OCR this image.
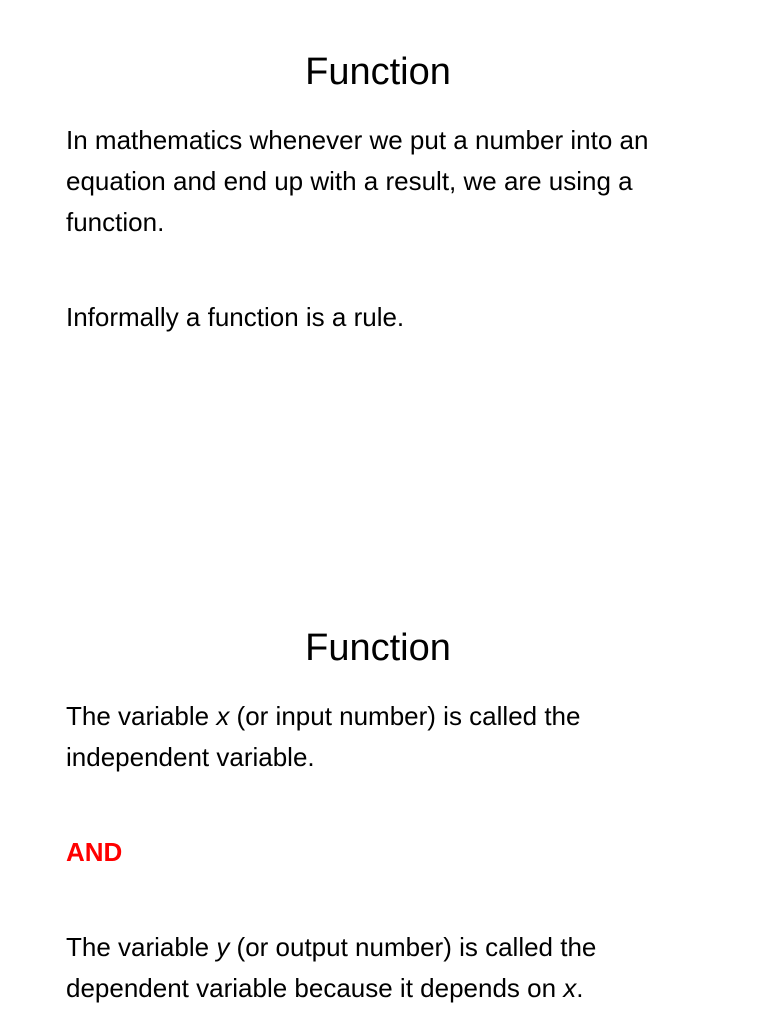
Function
In mathematics whenever we put a number into an equation and end up with a result, we are using a function.
Informally a function is a rule.
Function
The variable x (or input number) is called the independent variable.
AND
The variable y (or output number) is called the dependent variable because it depends on x.
